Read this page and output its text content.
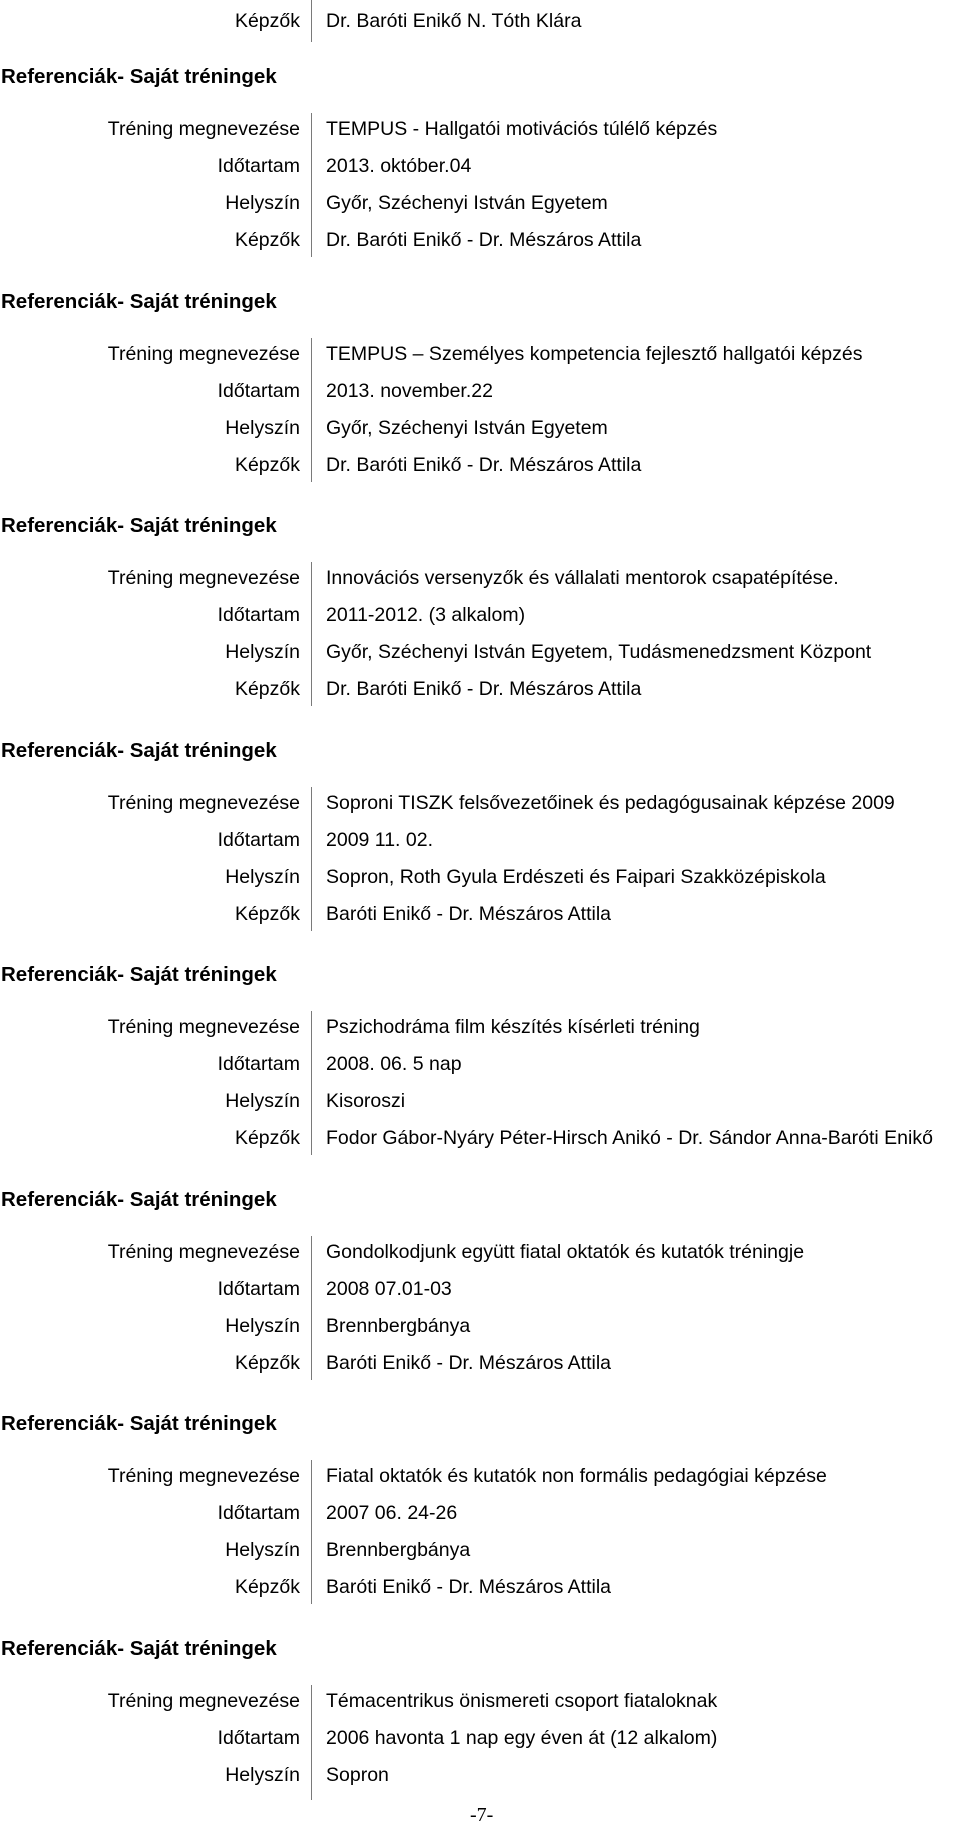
Képzők Dr. Baróti Enikő N. Tóth Klára
Referenciák- Saját tréningek
Tréning megnevezése TEMPUS - Hallgatói motivációs túlélő képzés
Időtartam 2013. október.04
Helyszín Győr, Széchenyi István Egyetem
Képzők Dr. Baróti Enikő - Dr. Mészáros Attila
Referenciák- Saját tréningek
Tréning megnevezése TEMPUS – Személyes kompetencia fejlesztő hallgatói képzés
Időtartam 2013. november.22
Helyszín Győr, Széchenyi István Egyetem
Képzők Dr. Baróti Enikő - Dr. Mészáros Attila
Referenciák- Saját tréningek
Tréning megnevezése Innovációs versenyzők és vállalati mentorok csapatépítése.
Időtartam 2011-2012. (3 alkalom)
Helyszín Győr, Széchenyi István Egyetem, Tudásmenedzsment Központ
Képzők Dr. Baróti Enikő - Dr. Mészáros Attila
Referenciák- Saját tréningek
Tréning megnevezése Soproni TISZK felsővezetőinek és pedagógusainak képzése 2009
Időtartam 2009 11. 02.
Helyszín Sopron, Roth Gyula Erdészeti és Faipari Szakközépiskola
Képzők Baróti Enikő - Dr. Mészáros Attila
Referenciák- Saját tréningek
Tréning megnevezése Pszichodráma film készítés kísérleti tréning
Időtartam 2008. 06. 5 nap
Helyszín Kisoroszi
Képzők Fodor Gábor-Nyáry Péter-Hirsch Anikó - Dr. Sándor Anna-Baróti Enikő
Referenciák- Saját tréningek
Tréning megnevezése Gondolkodjunk együtt fiatal oktatók és kutatók tréningje
Időtartam 2008 07.01-03
Helyszín Brennbergbánya
Képzők Baróti Enikő - Dr. Mészáros Attila
Referenciák- Saját tréningek
Tréning megnevezése Fiatal oktatók és kutatók non formális pedagógiai képzése
Időtartam 2007 06. 24-26
Helyszín Brennbergbánya
Képzők Baróti Enikő - Dr. Mészáros Attila
Referenciák- Saját tréningek
Tréning megnevezése Témacentrikus önismereti csoport fiataloknak
Időtartam 2006 havonta 1 nap egy éven át (12 alkalom)
Helyszín Sopron
-7-
